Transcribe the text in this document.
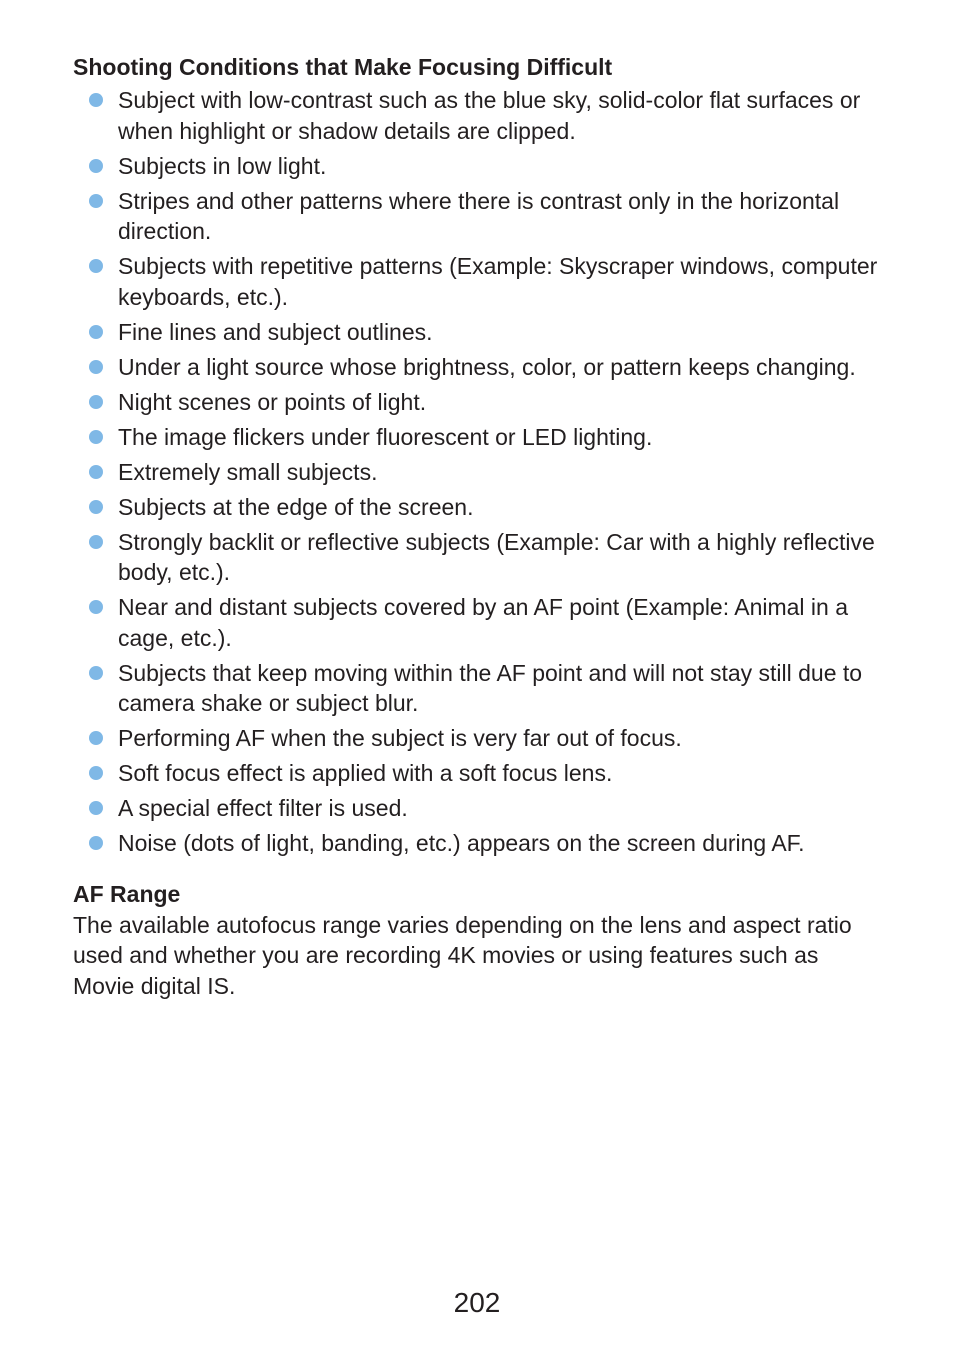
Shooting Conditions that Make Focusing Difficult
Subject with low-contrast such as the blue sky, solid-color flat surfaces or when highlight or shadow details are clipped.
Subjects in low light.
Stripes and other patterns where there is contrast only in the horizontal direction.
Subjects with repetitive patterns (Example: Skyscraper windows, computer keyboards, etc.).
Fine lines and subject outlines.
Under a light source whose brightness, color, or pattern keeps changing.
Night scenes or points of light.
The image flickers under fluorescent or LED lighting.
Extremely small subjects.
Subjects at the edge of the screen.
Strongly backlit or reflective subjects (Example: Car with a highly reflective body, etc.).
Near and distant subjects covered by an AF point (Example: Animal in a cage, etc.).
Subjects that keep moving within the AF point and will not stay still due to camera shake or subject blur.
Performing AF when the subject is very far out of focus.
Soft focus effect is applied with a soft focus lens.
A special effect filter is used.
Noise (dots of light, banding, etc.) appears on the screen during AF.
AF Range

The available autofocus range varies depending on the lens and aspect ratio used and whether you are recording 4K movies or using features such as Movie digital IS.

202
